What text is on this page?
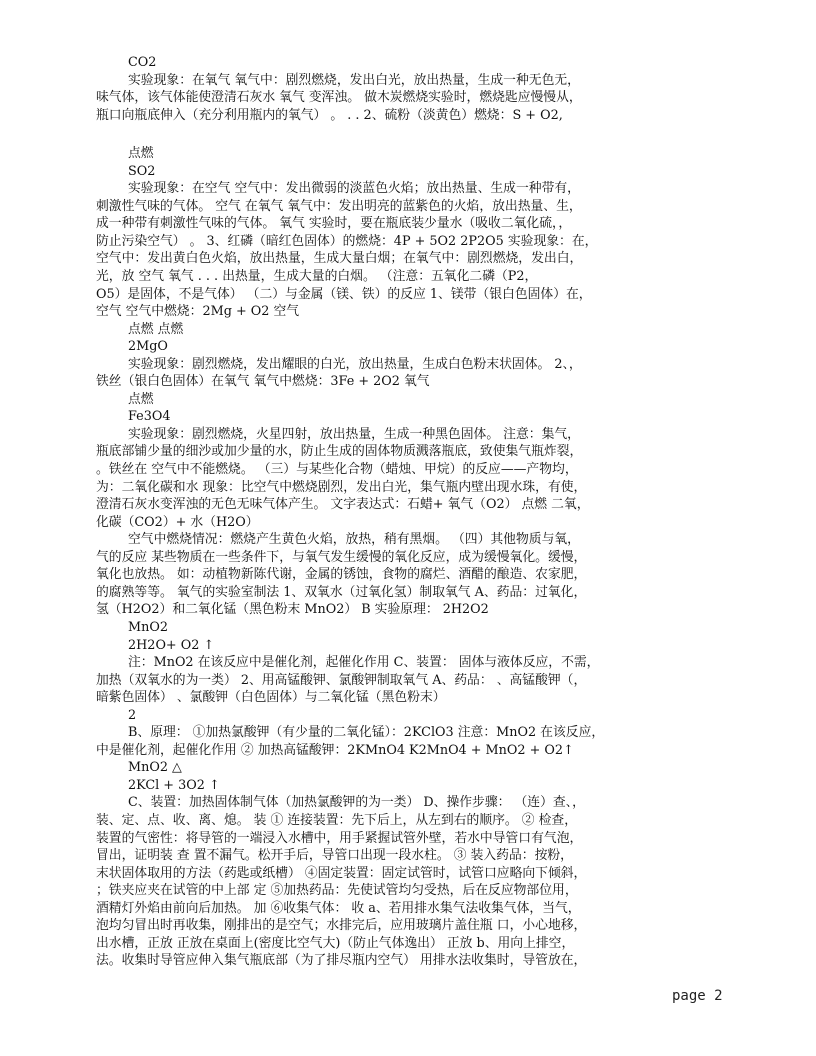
CO2
实验现象：在氧气 氧气中：剧烈燃烧，发出白光，放出热量，生成一种无色无，
味气体，该气体能使澄清石灰水 氧气 变浑浊。 做木炭燃烧实验时，燃烧匙应慢慢从，
瓶口向瓶底伸入（充分利用瓶内的氧气） 。 . . 2、硫粉（淡黄色）燃烧：S + O2,
点燃
SO2
实验现象：在空气 空气中：发出微弱的淡蓝色火焰；放出热量、生成一种带有，
刺激性气味的气体。 空气 在氧气 氧气中：发出明亮的蓝紫色的火焰，放出热量、生，
成一种带有刺激性气味的气体。 氧气 实验时，要在瓶底装少量水（吸收二氧化硫，，
防止污染空气） 。 3、红磷（暗红色固体）的燃烧：4P + 5O2 2P2O5 实验现象：在，
空气中：发出黄白色火焰，放出热量，生成大量白烟；在氧气中：剧烈燃烧，发出白，
光，放 空气 氧气 . . . 出热量，生成大量的白烟。 （注意：五氧化二磷（P2，
O5）是固体，不是气体） （二）与金属（镁、铁）的反应 1、镁带（银白色固体）在，
空气 空气中燃烧：2Mg + O2 空气
点燃 点燃
2MgO
实验现象：剧烈燃烧，发出耀眼的白光，放出热量，生成白色粉末状固体。 2、，
铁丝（银白色固体）在氧气 氧气中燃烧：3Fe + 2O2 氧气
点燃
Fe3O4
实验现象：剧烈燃烧，火星四射，放出热量，生成一种黑色固体。 注意：集气，
瓶底部铺少量的细沙或加少量的水，防止生成的固体物质溅落瓶底，致使集气瓶炸裂，
。铁丝在 空气中不能燃烧。 （三）与某些化合物（蜡烛、甲烷）的反应——产物均，
为：二氧化碳和水 现象：比空气中燃烧剧烈，发出白光，集气瓶内壁出现水珠，有使，
澄清石灰水变浑浊的无色无味气体产生。 文字表达式：石蜡+ 氧气（O2） 点燃 二氧，
化碳（CO2）+ 水（H2O）
空气中燃烧情况：燃烧产生黄色火焰，放热，稍有黑烟。 （四）其他物质与氧，
气的反应 某些物质在一些条件下，与氧气发生缓慢的氧化反应，成为缓慢氧化。缓慢，
氧化也放热。 如：动植物新陈代谢，金属的锈蚀，食物的腐烂、酒醋的酿造、农家肥，
的腐熟等等。 氧气的实验室制法 1、双氧水（过氧化氢）制取氧气 A、药品：过氧化，
氢（H2O2）和二氧化锰（黑色粉末 MnO2） B 实验原理： 2H2O2
MnO2
2H2O+ O2 ↑
注：MnO2 在该反应中是催化剂，起催化作用 C、装置： 固体与液体反应，不需，
加热（双氧水的为一类） 2、用高锰酸钾、氯酸钾制取氧气 A、药品： 、高锰酸钾（，
暗紫色固体） 、氯酸钾（白色固体）与二氧化锰（黑色粉末）
2
B、原理： ①加热氯酸钾（有少量的二氧化锰）：2KClO3 注意：MnO2 在该反应，
中是催化剂，起催化作用 ② 加热高锰酸钾：2KMnO4 K2MnO4 + MnO2 + O2↑
MnO2 △
2KCl + 3O2 ↑
C、装置：加热固体制气体（加热氯酸钾的为一类） D、操作步骤： （连）查、，
装、定、点、收、离、熄。 装 ① 连接装置：先下后上，从左到右的顺序。 ② 检查，
装置的气密性：将导管的一端浸入水槽中，用手紧握试管外壁，若水中导管口有气泡，
冒出，证明装 查 置不漏气。松开手后，导管口出现一段水柱。 ③ 装入药品：按粉，
末状固体取用的方法（药匙或纸槽） ④固定装置：固定试管时，试管口应略向下倾斜，
；铁夹应夹在试管的中上部 定 ⑤加热药品：先使试管均匀受热，后在反应物部位用，
酒精灯外焰由前向后加热。 加 ⑥收集气体： 收 a、若用排水集气法收集气体，当气，
泡均匀冒出时再收集，刚排出的是空气；水排完后，应用玻璃片盖住瓶 口，小心地移，
出水槽，正放 正放在桌面上(密度比空气大)（防止气体逸出） 正放 b、用向上排空，
法。收集时导管应伸入集气瓶底部（为了排尽瓶内空气） 用排水法收集时，导管放在，
page 2
